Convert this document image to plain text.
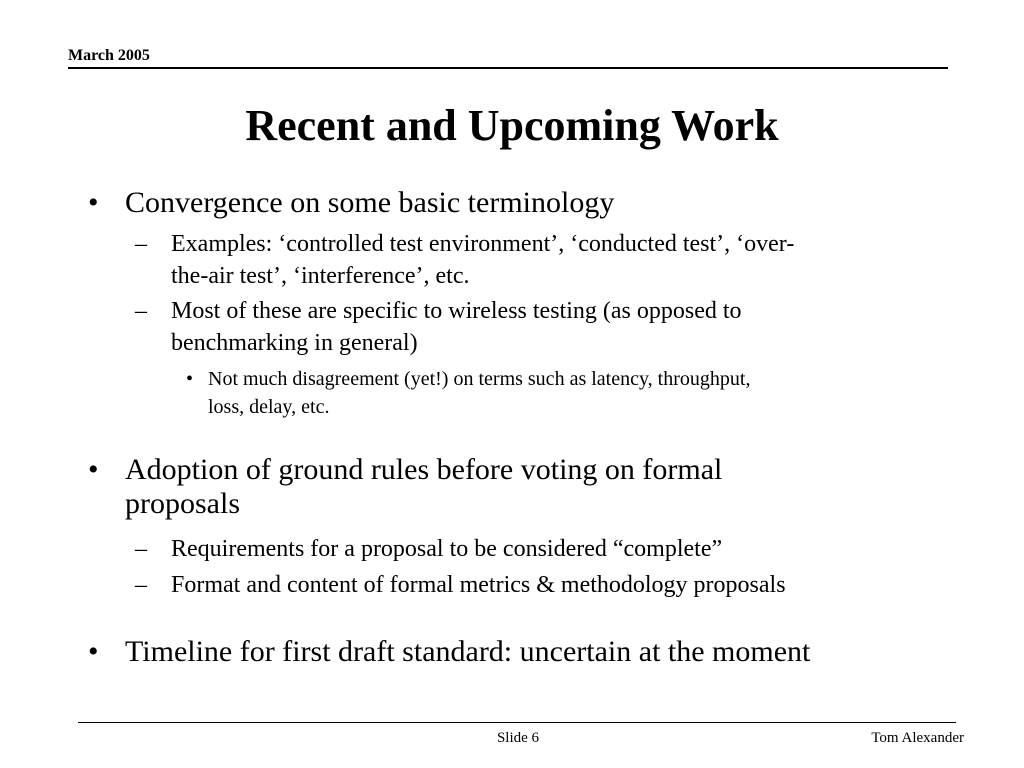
March 2005
Recent and Upcoming Work
• Convergence on some basic terminology
– Examples: ‘controlled test environment’, ‘conducted test’, ‘over-
the-air test’, ‘interference’, etc.
– Most of these are specific to wireless testing (as opposed to
benchmarking in general)
• Not much disagreement (yet!) on terms such as latency, throughput,
loss, delay, etc.
• Adoption of ground rules before voting on formal
proposals
– Requirements for a proposal to be considered “complete”
– Format and content of formal metrics & methodology proposals
• Timeline for first draft standard: uncertain at the moment
Slide 6	Tom Alexander
